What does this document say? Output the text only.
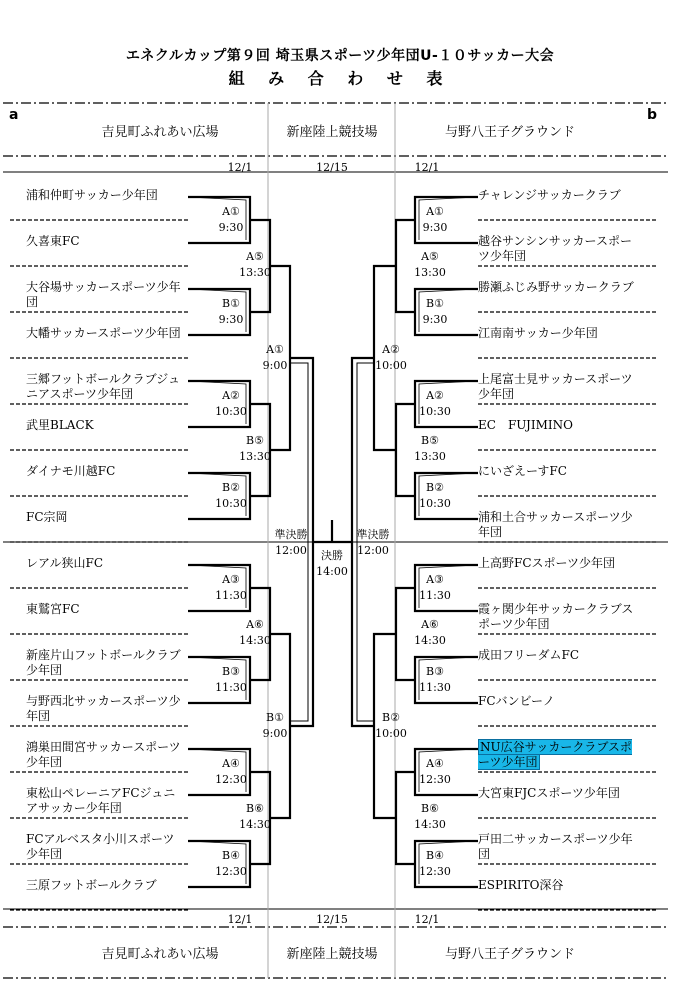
エネクルカップ第９回 埼玉県スポーツ少年団U-１０サッカー大会
組 み 合 わ せ 表
a	b
吉見町ふれあい広場	新座陸上競技場	与野八王子グラウンド
12/1	12/15	12/1
12/1	12/15	12/1
吉見町ふれあい広場	新座陸上競技場	与野八王子グラウンド
準決勝
12:00
準決勝
12:00
決勝
14:00
浦和仲町サッカー少年団
久喜東FC
大谷場サッカースポーツ少年団
大幡サッカースポーツ少年団
三郷フットボールクラブジュニアスポーツ少年団
武里BLACK
ダイナモ川越FC
FC宗岡
レアル狭山FC
東鷲宮FC
新座片山フットボールクラブ少年団
与野西北サッカースポーツ少年団
鴻巣田間宮サッカースポーツ少年団
東松山ペレーニアFCジュニアサッカー少年団
FCアルベスタ小川スポーツ少年団
三原フットボールクラブ
チャレンジサッカークラブ
越谷サンシンサッカースポーツ少年団
勝瀬ふじみ野サッカークラブ
江南南サッカー少年団
上尾富士見サッカースポーツ少年団
EC　FUJIMINO
にいざえーすFC
浦和土合サッカースポーツ少年団
上高野FCスポーツ少年団
霞ヶ関少年サッカークラブスポーツ少年団
成田フリーダムFC
FCバンビーノ
NU広谷サッカークラブスポーツ少年団
大宮東FJCスポーツ少年団
戸田二サッカースポーツ少年団
ESPIRITO深谷
A①
9:30
B①
9:30
A②
10:30
B②
10:30
A③
11:30
B③
11:30
A④
12:30
B④
12:30
A⑤
13:30
B⑤
13:30
A⑥
14:30
B⑥
14:30
A①
9:00
B①
9:00
A①
9:30
B①
9:30
A②
10:30
B②
10:30
A③
11:30
B③
11:30
A④
12:30
B④
12:30
A⑤
13:30
B⑤
13:30
A⑥
14:30
B⑥
14:30
A②
10:00
B②
10:00
